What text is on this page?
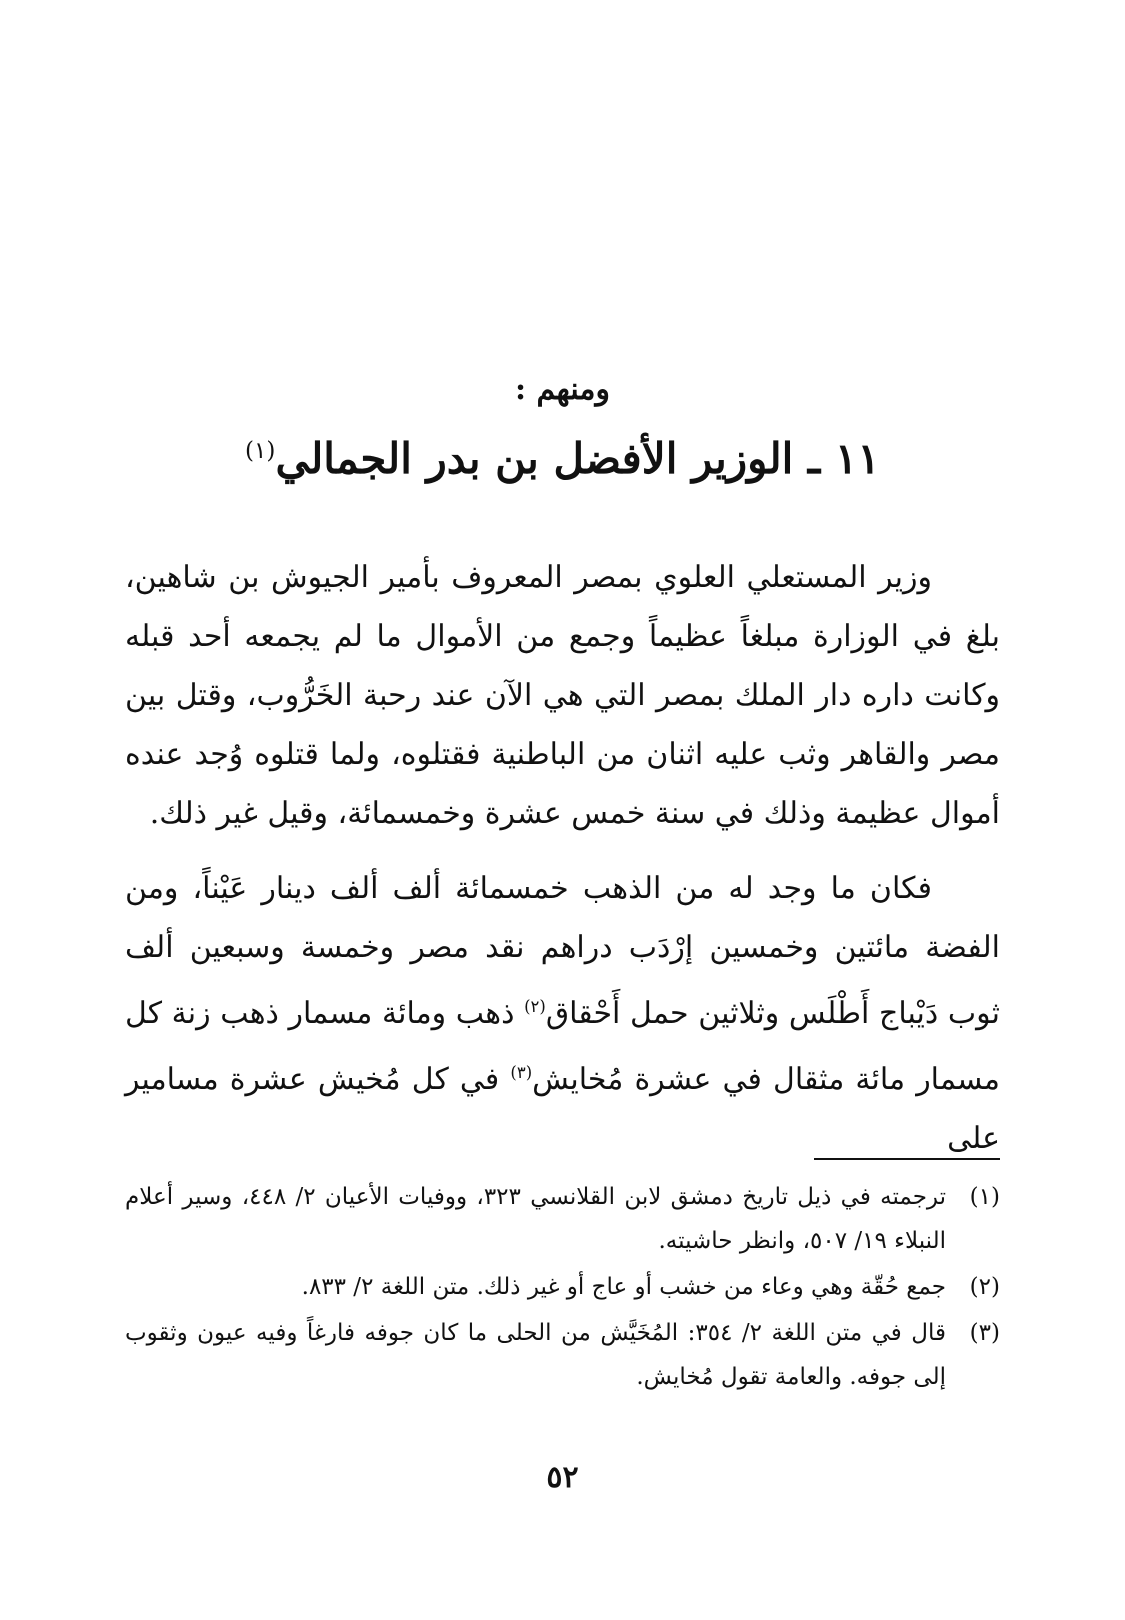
ومنهم :
١١ ـ الوزير الأفضل بن بدر الجمالي$^{(١)}$

وزير المستعلي العلوي بمصر المعروف بأمير الجيوش بن شاهين، بلغ في الوزارة مبلغاً عظيماً وجمع من الأموال ما لم يجمعه أحد قبله وكانت داره دار الملك بمصر التي هي الآن عند رحبة الخَرُّوب، وقتل بين مصر والقاهر وثب عليه اثنان من الباطنية فقتلوه، ولما قتلوه وُجد عنده أموال عظيمة وذلك في سنة خمس عشرة وخمسمائة، وقيل غير ذلك.

فكان ما وجد له من الذهب خمسمائة ألف ألف دينار عَيْناً، ومن الفضة مائتين وخمسين إرْدَب دراهم نقد مصر وخمسة وسبعين ألف ثوب دَيْباج أَطْلَس وثلاثين حمل أَحْقاق$^{(٢)}$ ذهب ومائة مسمار ذهب زنة كل مسمار مائة مثقال في عشرة مُخايش$^{(٣)}$ في كل مُخيش عشرة مسامير على

(١)
ترجمته في ذيل تاريخ دمشق لابن القلانسي ٣٢٣، ووفيات الأعيان ٢/ ٤٤٨، وسير أعلام النبلاء ١٩/ ٥٠٧، وانظر حاشيته.
(٢)
جمع حُقّة وهي وعاء من خشب أو عاج أو غير ذلك. متن اللغة ٢/ ٨٣٣.
(٣)
قال في متن اللغة ٢/ ٣٥٤: المُخَيَّش من الحلى ما كان جوفه فارغاً وفيه عيون وثقوب إلى جوفه. والعامة تقول مُخايش.
٥٢
